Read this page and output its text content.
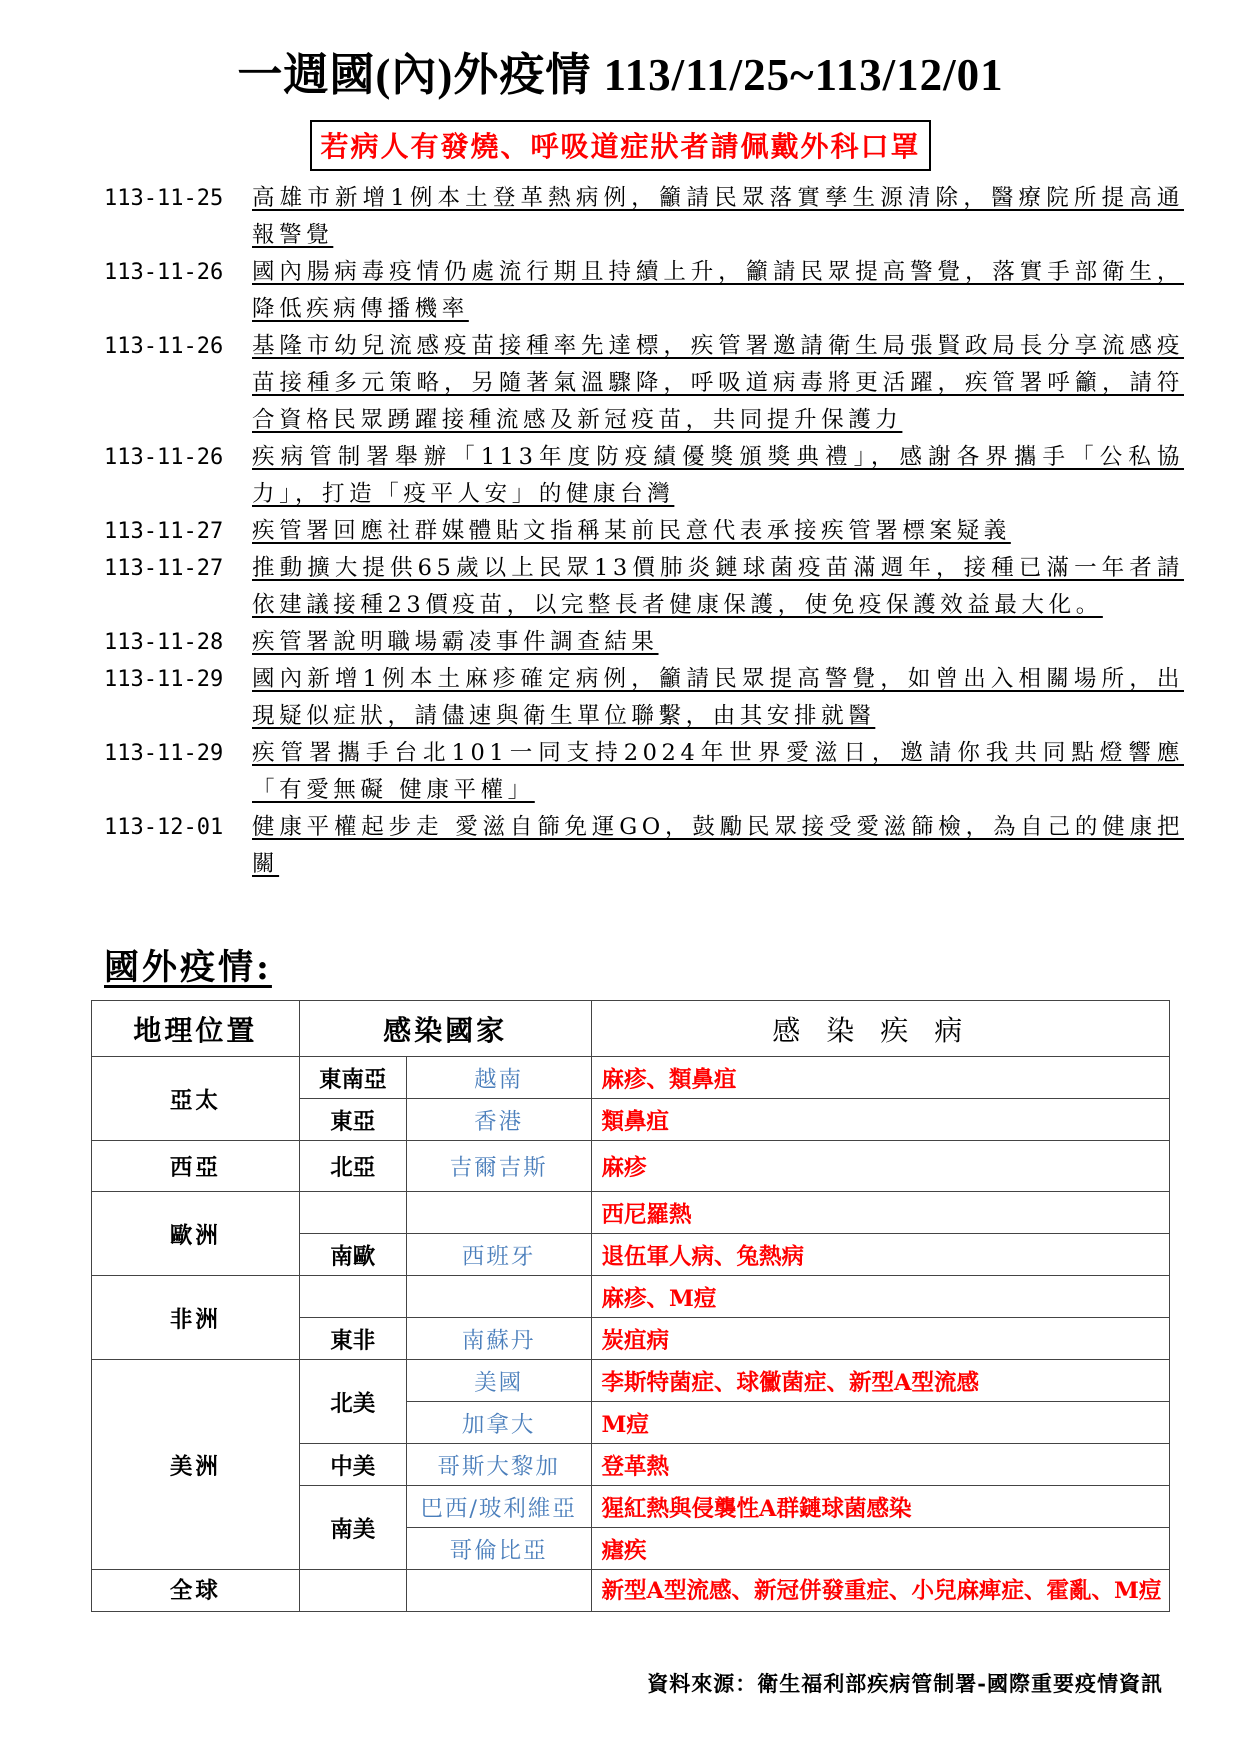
一週國(內)外疫情 113/11/25~113/12/01
若病人有發燒、呼吸道症狀者請佩戴外科口罩
113-11-25	高雄市新增1例本土登革熱病例，籲請民眾落實孳生源清除，醫療院所提高通報警覺
113-11-26	國內腸病毒疫情仍處流行期且持續上升，籲請民眾提高警覺，落實手部衛生，降低疾病傳播機率
113-11-26	基隆市幼兒流感疫苗接種率先達標，疾管署邀請衛生局張賢政局長分享流感疫苗接種多元策略，另隨著氣溫驟降，呼吸道病毒將更活躍，疾管署呼籲，請符合資格民眾踴躍接種流感及新冠疫苗，共同提升保護力
113-11-26	疾病管制署舉辦「113年度防疫績優獎頒獎典禮」，感謝各界攜手「公私協力」，打造「疫平人安」的健康台灣
113-11-27	疾管署回應社群媒體貼文指稱某前民意代表承接疾管署標案疑義
113-11-27	推動擴大提供65歲以上民眾13價肺炎鏈球菌疫苗滿週年，接種已滿一年者請依建議接種23價疫苗，以完整長者健康保護，使免疫保護效益最大化。
113-11-28	疾管署說明職場霸凌事件調查結果
113-11-29	國內新增1例本土麻疹確定病例，籲請民眾提高警覺，如曾出入相關場所，出現疑似症狀，請儘速與衛生單位聯繫，由其安排就醫
113-11-29	疾管署攜手台北101一同支持2024年世界愛滋日，邀請你我共同點燈響應「有愛無礙 健康平權」
113-12-01	健康平權起步走 愛滋自篩免運GO，鼓勵民眾接受愛滋篩檢，為自己的健康把關
國外疫情:
地理位置	感染國家		感染疾病
亞太	東南亞	越南	麻疹、類鼻疽
	東亞	香港	類鼻疽
西亞	北亞	吉爾吉斯	麻疹
歐洲			西尼羅熱
	南歐	西班牙	退伍軍人病、兔熱病
非洲			麻疹、M痘
	東非	南蘇丹	炭疽病
美洲	北美	美國	李斯特菌症、球黴菌症、新型A型流感
		加拿大	M痘
	中美	哥斯大黎加	登革熱
	南美	巴西/玻利維亞	猩紅熱與侵襲性A群鏈球菌感染
		哥倫比亞	瘧疾
全球			新型A型流感、新冠併發重症、小兒麻痺症、霍亂、M痘
資料來源：衛生福利部疾病管制署-國際重要疫情資訊
